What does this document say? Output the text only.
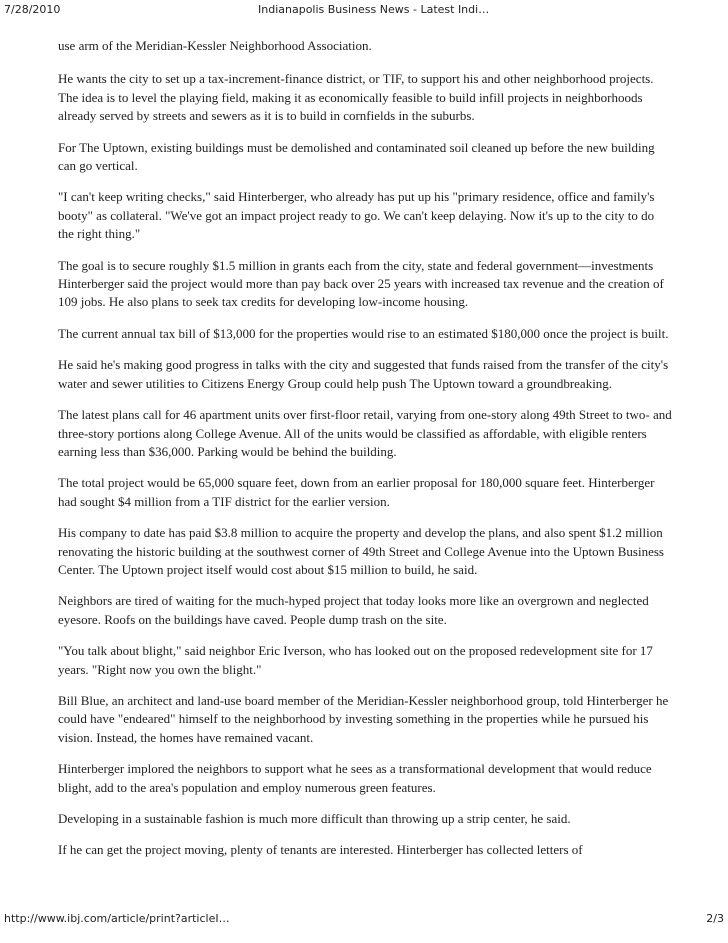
7/28/2010	Indianapolis Business News - Latest Indi…

use arm of the Meridian-Kessler Neighborhood Association.

He wants the city to set up a tax-increment-finance district, or TIF, to support his and other neighborhood projects. The idea is to level the playing field, making it as economically feasible to build infill projects in neighborhoods already served by streets and sewers as it is to build in cornfields in the suburbs.

For The Uptown, existing buildings must be demolished and contaminated soil cleaned up before the new building can go vertical.

"I can't keep writing checks," said Hinterberger, who already has put up his "primary residence, office and family's booty" as collateral. "We've got an impact project ready to go. We can't keep delaying. Now it's up to the city to do the right thing."

The goal is to secure roughly $1.5 million in grants each from the city, state and federal government—investments Hinterberger said the project would more than pay back over 25 years with increased tax revenue and the creation of 109 jobs. He also plans to seek tax credits for developing low-income housing.

The current annual tax bill of $13,000 for the properties would rise to an estimated $180,000 once the project is built.

He said he's making good progress in talks with the city and suggested that funds raised from the transfer of the city's water and sewer utilities to Citizens Energy Group could help push The Uptown toward a groundbreaking.

The latest plans call for 46 apartment units over first-floor retail, varying from one-story along 49th Street to two- and three-story portions along College Avenue. All of the units would be classified as affordable, with eligible renters earning less than $36,000. Parking would be behind the building.

The total project would be 65,000 square feet, down from an earlier proposal for 180,000 square feet. Hinterberger had sought $4 million from a TIF district for the earlier version.

His company to date has paid $3.8 million to acquire the property and develop the plans, and also spent $1.2 million renovating the historic building at the southwest corner of 49th Street and College Avenue into the Uptown Business Center. The Uptown project itself would cost about $15 million to build, he said.

Neighbors are tired of waiting for the much-hyped project that today looks more like an overgrown and neglected eyesore. Roofs on the buildings have caved. People dump trash on the site.

"You talk about blight," said neighbor Eric Iverson, who has looked out on the proposed redevelopment site for 17 years. "Right now you own the blight."

Bill Blue, an architect and land-use board member of the Meridian-Kessler neighborhood group, told Hinterberger he could have "endeared" himself to the neighborhood by investing something in the properties while he pursued his vision. Instead, the homes have remained vacant.

Hinterberger implored the neighbors to support what he sees as a transformational development that would reduce blight, add to the area's population and employ numerous green features.

Developing in a sustainable fashion is much more difficult than throwing up a strip center, he said.

If he can get the project moving, plenty of tenants are interested. Hinterberger has collected letters of

http://www.ibj.com/article/print?articleI…	2/3
